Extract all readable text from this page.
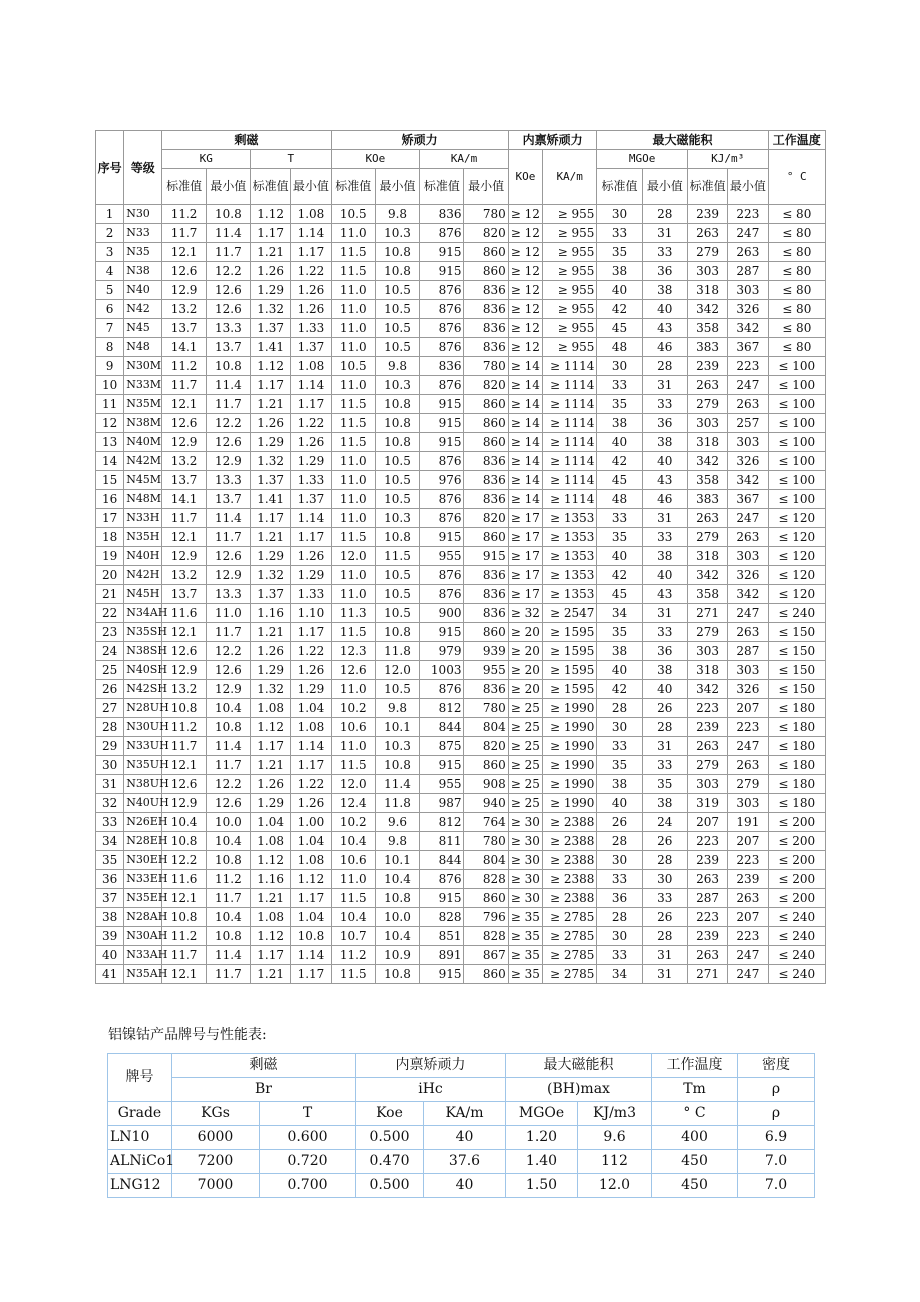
序号	等级	剩磁				矫顽力				内禀矫顽力		最大磁能积				工作温度
		KG		T		KOe		KA/m		KOe	KA/m	MGOe		KJ/m³		° C
		标准值	最小值	标准值	最小值	标准值	最小值	标准值	最小值			标准值	最小值	标准值	最小值	
1	N30	11.2	10.8	1.12	1.08	10.5	9.8	836	780	≥ 12	≥ 955	30	28	239	223	≤ 80
2	N33	11.7	11.4	1.17	1.14	11.0	10.3	876	820	≥ 12	≥ 955	33	31	263	247	≤ 80
3	N35	12.1	11.7	1.21	1.17	11.5	10.8	915	860	≥ 12	≥ 955	35	33	279	263	≤ 80
4	N38	12.6	12.2	1.26	1.22	11.5	10.8	915	860	≥ 12	≥ 955	38	36	303	287	≤ 80
5	N40	12.9	12.6	1.29	1.26	11.0	10.5	876	836	≥ 12	≥ 955	40	38	318	303	≤ 80
6	N42	13.2	12.6	1.32	1.26	11.0	10.5	876	836	≥ 12	≥ 955	42	40	342	326	≤ 80
7	N45	13.7	13.3	1.37	1.33	11.0	10.5	876	836	≥ 12	≥ 955	45	43	358	342	≤ 80
8	N48	14.1	13.7	1.41	1.37	11.0	10.5	876	836	≥ 12	≥ 955	48	46	383	367	≤ 80
9	N30M	11.2	10.8	1.12	1.08	10.5	9.8	836	780	≥ 14	≥ 1114	30	28	239	223	≤ 100
10	N33M	11.7	11.4	1.17	1.14	11.0	10.3	876	820	≥ 14	≥ 1114	33	31	263	247	≤ 100
11	N35M	12.1	11.7	1.21	1.17	11.5	10.8	915	860	≥ 14	≥ 1114	35	33	279	263	≤ 100
12	N38M	12.6	12.2	1.26	1.22	11.5	10.8	915	860	≥ 14	≥ 1114	38	36	303	257	≤ 100
13	N40M	12.9	12.6	1.29	1.26	11.5	10.8	915	860	≥ 14	≥ 1114	40	38	318	303	≤ 100
14	N42M	13.2	12.9	1.32	1.29	11.0	10.5	876	836	≥ 14	≥ 1114	42	40	342	326	≤ 100
15	N45M	13.7	13.3	1.37	1.33	11.0	10.5	976	836	≥ 14	≥ 1114	45	43	358	342	≤ 100
16	N48M	14.1	13.7	1.41	1.37	11.0	10.5	876	836	≥ 14	≥ 1114	48	46	383	367	≤ 100
17	N33H	11.7	11.4	1.17	1.14	11.0	10.3	876	820	≥ 17	≥ 1353	33	31	263	247	≤ 120
18	N35H	12.1	11.7	1.21	1.17	11.5	10.8	915	860	≥ 17	≥ 1353	35	33	279	263	≤ 120
19	N40H	12.9	12.6	1.29	1.26	12.0	11.5	955	915	≥ 17	≥ 1353	40	38	318	303	≤ 120
20	N42H	13.2	12.9	1.32	1.29	11.0	10.5	876	836	≥ 17	≥ 1353	42	40	342	326	≤ 120
21	N45H	13.7	13.3	1.37	1.33	11.0	10.5	876	836	≥ 17	≥ 1353	45	43	358	342	≤ 120
22	N34AH	11.6	11.0	1.16	1.10	11.3	10.5	900	836	≥ 32	≥ 2547	34	31	271	247	≤ 240
23	N35SH	12.1	11.7	1.21	1.17	11.5	10.8	915	860	≥ 20	≥ 1595	35	33	279	263	≤ 150
24	N38SH	12.6	12.2	1.26	1.22	12.3	11.8	979	939	≥ 20	≥ 1595	38	36	303	287	≤ 150
25	N40SH	12.9	12.6	1.29	1.26	12.6	12.0	1003	955	≥ 20	≥ 1595	40	38	318	303	≤ 150
26	N42SH	13.2	12.9	1.32	1.29	11.0	10.5	876	836	≥ 20	≥ 1595	42	40	342	326	≤ 150
27	N28UH	10.8	10.4	1.08	1.04	10.2	9.8	812	780	≥ 25	≥ 1990	28	26	223	207	≤ 180
28	N30UH	11.2	10.8	1.12	1.08	10.6	10.1	844	804	≥ 25	≥ 1990	30	28	239	223	≤ 180
29	N33UH	11.7	11.4	1.17	1.14	11.0	10.3	875	820	≥ 25	≥ 1990	33	31	263	247	≤ 180
30	N35UH	12.1	11.7	1.21	1.17	11.5	10.8	915	860	≥ 25	≥ 1990	35	33	279	263	≤ 180
31	N38UH	12.6	12.2	1.26	1.22	12.0	11.4	955	908	≥ 25	≥ 1990	38	35	303	279	≤ 180
32	N40UH	12.9	12.6	1.29	1.26	12.4	11.8	987	940	≥ 25	≥ 1990	40	38	319	303	≤ 180
33	N26EH	10.4	10.0	1.04	1.00	10.2	9.6	812	764	≥ 30	≥ 2388	26	24	207	191	≤ 200
34	N28EH	10.8	10.4	1.08	1.04	10.4	9.8	811	780	≥ 30	≥ 2388	28	26	223	207	≤ 200
35	N30EH	12.2	10.8	1.12	1.08	10.6	10.1	844	804	≥ 30	≥ 2388	30	28	239	223	≤ 200
36	N33EH	11.6	11.2	1.16	1.12	11.0	10.4	876	828	≥ 30	≥ 2388	33	30	263	239	≤ 200
37	N35EH	12.1	11.7	1.21	1.17	11.5	10.8	915	860	≥ 30	≥ 2388	36	33	287	263	≤ 200
38	N28AH	10.8	10.4	1.08	1.04	10.4	10.0	828	796	≥ 35	≥ 2785	28	26	223	207	≤ 240
39	N30AH	11.2	10.8	1.12	10.8	10.7	10.4	851	828	≥ 35	≥ 2785	30	28	239	223	≤ 240
40	N33AH	11.7	11.4	1.17	1.14	11.2	10.9	891	867	≥ 35	≥ 2785	33	31	263	247	≤ 240
41	N35AH	12.1	11.7	1.21	1.17	11.5	10.8	915	860	≥ 35	≥ 2785	34	31	271	247	≤ 240

铝镍钴产品牌号与性能表:

牌号	剩磁		内禀矫顽力		最大磁能积		工作温度	密度
	Br		iHc		(BH)max		Tm	ρ
Grade	KGs	T	Koe	KA/m	MGOe	KJ/m3	° C	ρ
LN10	6000	0.600	0.500	40	1.20	9.6	400	6.9
ALNiCo1	7200	0.720	0.470	37.6	1.40	112	450	7.0
LNG12	7000	0.700	0.500	40	1.50	12.0	450	7.0
